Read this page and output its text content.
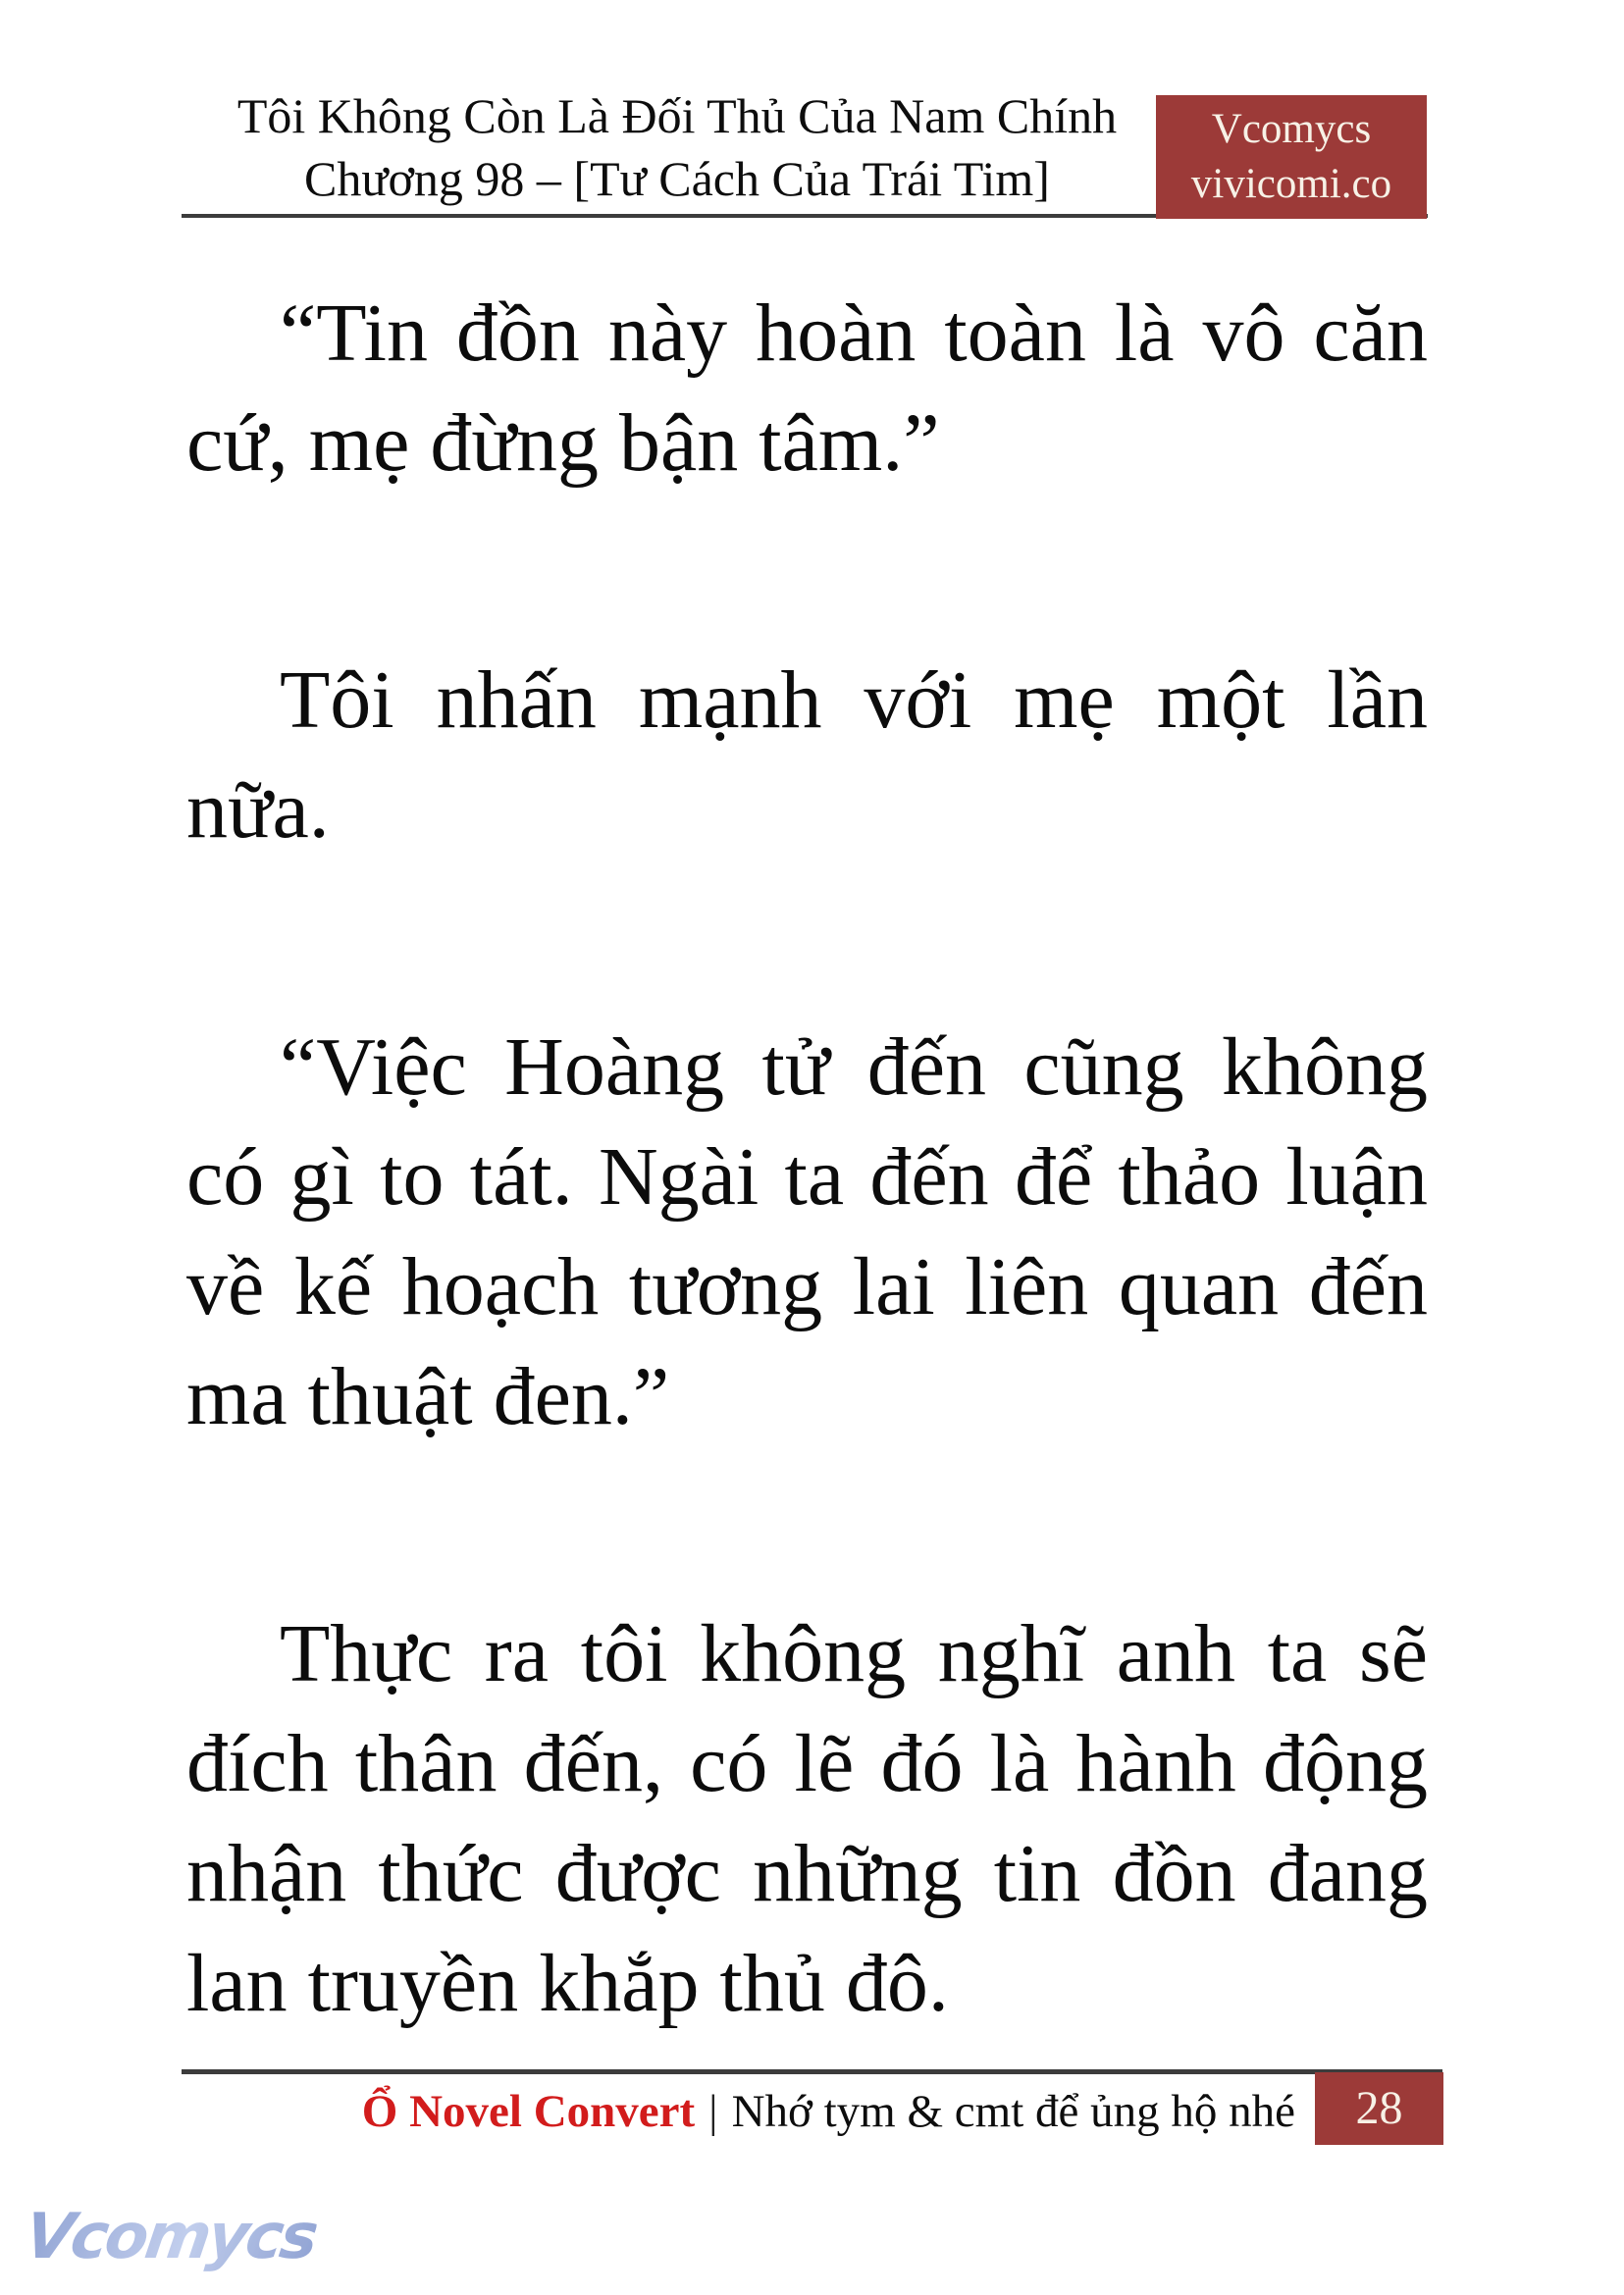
Tôi Không Còn Là Đối Thủ Của Nam Chính
Chương 98 – [Tư Cách Của Trái Tim]
Vcomycs
vivicomi.co
“Tin đồn này hoàn toàn là vô căn
cứ, mẹ đừng bận tâm.”
Tôi nhấn mạnh với mẹ một lần
nữa.
“Việc Hoàng tử đến cũng không
có gì to tát. Ngài ta đến để thảo luận
về kế hoạch tương lai liên quan đến
ma thuật đen.”
Thực ra tôi không nghĩ anh ta sẽ
đích thân đến, có lẽ đó là hành động
nhận thức được những tin đồn đang
lan truyền khắp thủ đô.
Ổ Novel Convert | Nhớ tym & cmt để ủng hộ nhé	28
Vcomycs
